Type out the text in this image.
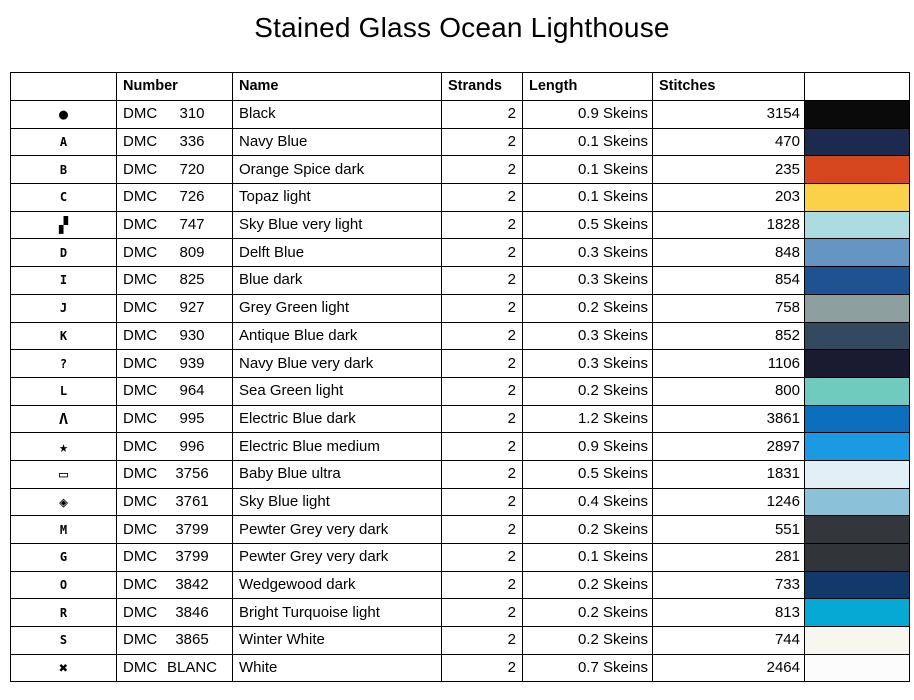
Stained Glass Ocean Lighthouse
	Number	Name	Strands	Length	Stitches	
●	DMC 310	Black	2	0.9 Skeins	3154	
A	DMC 336	Navy Blue	2	0.1 Skeins	470	
B	DMC 720	Orange Spice dark	2	0.1 Skeins	235	
C	DMC 726	Topaz light	2	0.1 Skeins	203	
▞	DMC 747	Sky Blue very light	2	0.5 Skeins	1828	
D	DMC 809	Delft Blue	2	0.3 Skeins	848	
I	DMC 825	Blue dark	2	0.3 Skeins	854	
J	DMC 927	Grey Green light	2	0.2 Skeins	758	
K	DMC 930	Antique Blue dark	2	0.3 Skeins	852	
?	DMC 939	Navy Blue very dark	2	0.3 Skeins	1106	
L	DMC 964	Sea Green light	2	0.2 Skeins	800	
Λ	DMC 995	Electric Blue dark	2	1.2 Skeins	3861	
★	DMC 996	Electric Blue medium	2	0.9 Skeins	2897	
▭	DMC 3756	Baby Blue ultra	2	0.5 Skeins	1831	
◈	DMC 3761	Sky Blue light	2	0.4 Skeins	1246	
M	DMC 3799	Pewter Grey very dark	2	0.2 Skeins	551	
G	DMC 3799	Pewter Grey very dark	2	0.1 Skeins	281	
O	DMC 3842	Wedgewood dark	2	0.2 Skeins	733	
R	DMC 3846	Bright Turquoise light	2	0.2 Skeins	813	
S	DMC 3865	Winter White	2	0.2 Skeins	744	
✖	DMC BLANC	White	2	0.7 Skeins	2464	
